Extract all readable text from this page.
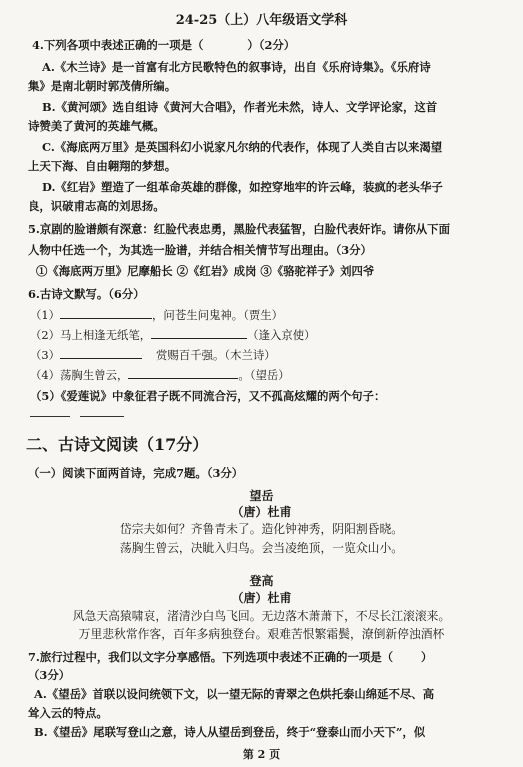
24-25（上）八年级语文学科
4.下列各项中表述正确的一项是（	）（2分）
A.《木兰诗》是一首富有北方民歌特色的叙事诗，出自《乐府诗集》。《乐府诗
集》是南北朝时郭茂倩所编。
B.《黄河颂》选自组诗《黄河大合唱》，作者光未然，诗人、文学评论家，这首
诗赞美了黄河的英雄气概。
C.《海底两万里》是英国科幻小说家凡尔纳的代表作，体现了人类自古以来渴望
上天下海、自由翱翔的梦想。
D.《红岩》塑造了一组革命英雄的群像，如控穿地牢的许云峰，装疯的老头华子
良，识破甫志高的刘思扬。
5.京剧的脸谱颇有深意：红脸代表忠勇，黑脸代表猛智，白脸代表奸诈。请你从下面
人物中任选一个，为其选一脸谱，并结合相关情节写出理由。（3分）
①《海底两万里》尼摩船长 ②《红岩》成岗 ③《骆驼祥子》刘四爷
6.古诗文默写。（6分）
（1）	，问苍生问鬼神。（贾生）
（2）马上相逢无纸笔，	（逢入京使）
（3）	赏赐百千强。（木兰诗）
（4）荡胸生曾云，	。（望岳）
（5）《爱莲说》中象征君子既不同流合污，又不孤高炫耀的两个句子：
二、古诗文阅读（17分）
（一）阅读下面两首诗，完成7题。（3分）
望岳
（唐）杜甫
岱宗夫如何？齐鲁青未了。造化钟神秀，阴阳割昏晓。
荡胸生曾云，决眦入归鸟。会当凌绝顶，一览众山小。
登高
（唐）杜甫
风急天高猿啸哀，渚清沙白鸟飞回。无边落木萧萧下，不尽长江滚滚来。
万里悲秋常作客，百年多病独登台。艰难苦恨繁霜鬓，潦倒新停浊酒杯
7.旅行过程中，我们以文字分享感悟。下列选项中表述不正确的一项是（ ）
（3分）
A.《望岳》首联以设问统领下文，以一望无际的青翠之色烘托泰山绵延不尽、高
耸入云的特点。
B.《望岳》尾联写登山之意，诗人从望岳到登岳，终于“登泰山而小天下”，似
第 2 页
